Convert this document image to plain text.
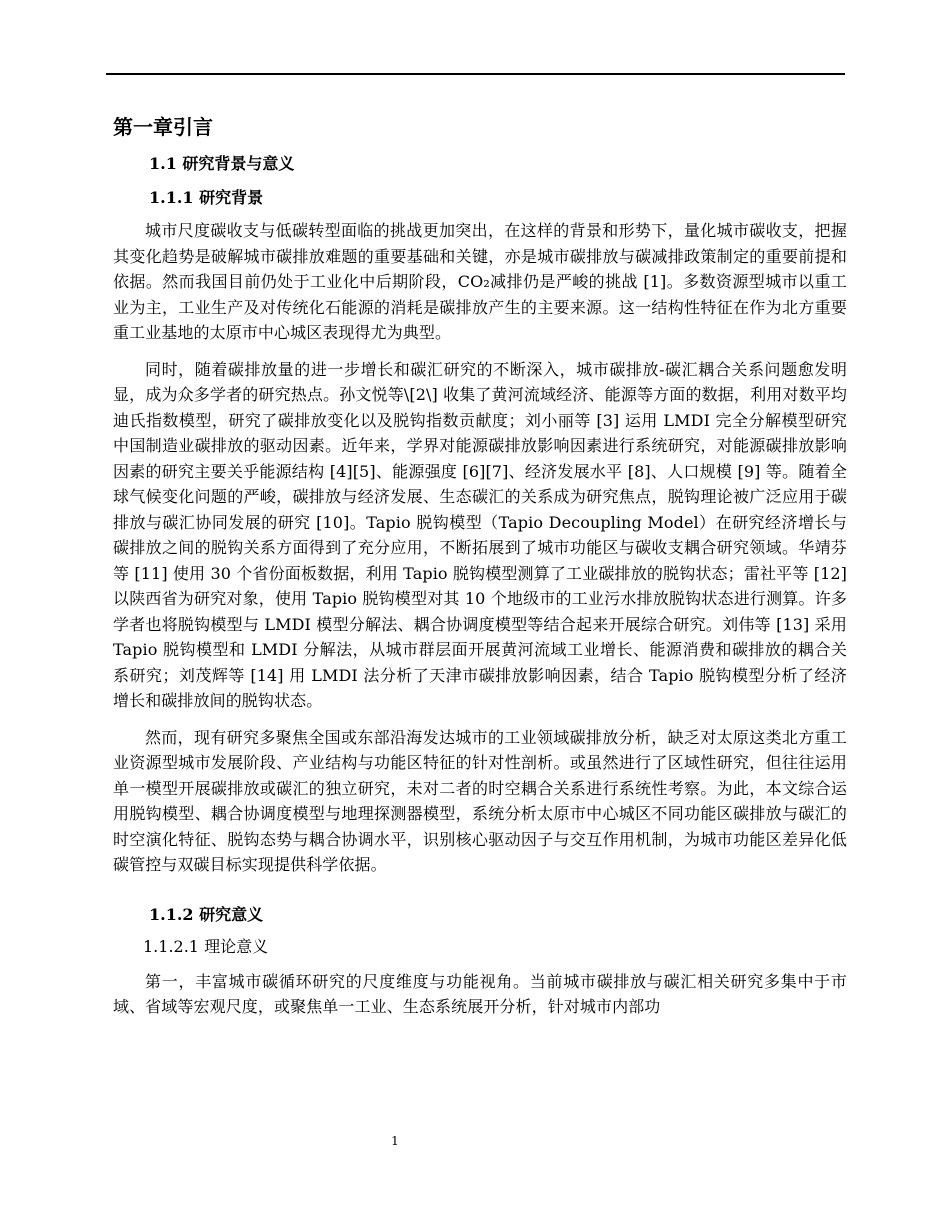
第一章引言
1.1 研究背景与意义
1.1.1 研究背景

城市尺度碳收支与低碳转型面临的挑战更加突出，在这样的背景和形势下，量化城市碳收支，把握其变化趋势是破解城市碳排放难题的重要基础和关键，亦是城市碳排放与碳减排政策制定的重要前提和依据。然而我国目前仍处于工业化中后期阶段，CO₂减排仍是严峻的挑战 [1]。多数资源型城市以重工业为主，工业生产及对传统化石能源的消耗是碳排放产生的主要来源。这一结构性特征在作为北方重要重工业基地的太原市中心城区表现得尤为典型。

同时，随着碳排放量的进一步增长和碳汇研究的不断深入，城市碳排放-碳汇耦合关系问题愈发明显，成为众多学者的研究热点。孙文悦等\[2\] 收集了黄河流域经济、能源等方面的数据，利用对数平均迪氏指数模型，研究了碳排放变化以及脱钩指数贡献度；刘小丽等 [3] 运用 LMDI 完全分解模型研究中国制造业碳排放的驱动因素。近年来，学界对能源碳排放影响因素进行系统研究，对能源碳排放影响因素的研究主要关乎能源结构 [4][5]、能源强度 [6][7]、经济发展水平 [8]、人口规模 [9] 等。随着全球气候变化问题的严峻，碳排放与经济发展、生态碳汇的关系成为研究焦点，脱钩理论被广泛应用于碳排放与碳汇协同发展的研究 [10]。Tapio 脱钩模型（Tapio Decoupling Model）在研究经济增长与碳排放之间的脱钩关系方面得到了充分应用，不断拓展到了城市功能区与碳收支耦合研究领域。华靖芬等 [11] 使用 30 个省份面板数据，利用 Tapio 脱钩模型测算了工业碳排放的脱钩状态；雷社平等 [12] 以陕西省为研究对象，使用 Tapio 脱钩模型对其 10 个地级市的工业污水排放脱钩状态进行测算。许多学者也将脱钩模型与 LMDI 模型分解法、耦合协调度模型等结合起来开展综合研究。刘伟等 [13] 采用 Tapio 脱钩模型和 LMDI 分解法，从城市群层面开展黄河流域工业增长、能源消费和碳排放的耦合关系研究；刘茂辉等 [14] 用 LMDI 法分析了天津市碳排放影响因素，结合 Tapio 脱钩模型分析了经济增长和碳排放间的脱钩状态。

然而，现有研究多聚焦全国或东部沿海发达城市的工业领域碳排放分析，缺乏对太原这类北方重工业资源型城市发展阶段、产业结构与功能区特征的针对性剖析。或虽然进行了区域性研究，但往往运用单一模型开展碳排放或碳汇的独立研究，未对二者的时空耦合关系进行系统性考察。为此，本文综合运用脱钩模型、耦合协调度模型与地理探测器模型，系统分析太原市中心城区不同功能区碳排放与碳汇的时空演化特征、脱钩态势与耦合协调水平，识别核心驱动因子与交互作用机制，为城市功能区差异化低碳管控与双碳目标实现提供科学依据。

1.1.2 研究意义
1.1.2.1 理论意义

第一，丰富城市碳循环研究的尺度维度与功能视角。当前城市碳排放与碳汇相关研究多集中于市域、省域等宏观尺度，或聚焦单一工业、生态系统展开分析，针对城市内部功

1
